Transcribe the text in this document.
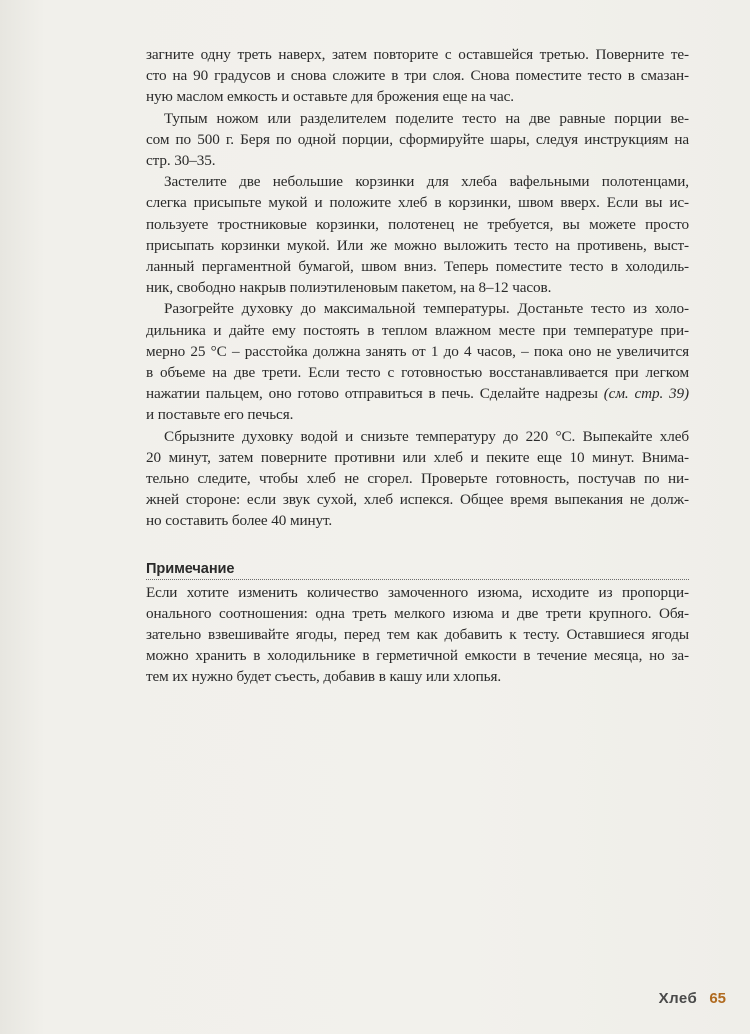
загните одну треть наверх, затем повторите с оставшейся третью. Поверните те-
сто на 90 градусов и снова сложите в три слоя. Снова поместите тесто в смазан-
ную маслом емкость и оставьте для брожения еще на час.

Тупым ножом или разделителем поделите тесто на две равные порции ве-
сом по 500 г. Беря по одной порции, сформируйте шары, следуя инструкциям на
стр. 30–35.

Застелите две небольшие корзинки для хлеба вафельными полотенцами,
слегка присыпьте мукой и положите хлеб в корзинки, швом вверх. Если вы ис-
пользуете тростниковые корзинки, полотенец не требуется, вы можете просто
присыпать корзинки мукой. Или же можно выложить тесто на противень, выст-
ланный пергаментной бумагой, швом вниз. Теперь поместите тесто в холодиль-
ник, свободно накрыв полиэтиленовым пакетом, на 8–12 часов.

Разогрейте духовку до максимальной температуры. Достаньте тесто из холо-
дильника и дайте ему постоять в теплом влажном месте при температуре при-
мерно 25 °C – расстойка должна занять от 1 до 4 часов, – пока оно не увеличится
в объеме на две трети. Если тесто с готовностью восстанавливается при легком
нажатии пальцем, оно готово отправиться в печь. Сделайте надрезы (см. стр. 39)
и поставьте его печься.

Сбрызните духовку водой и снизьте температуру до 220 °C. Выпекайте хлеб
20 минут, затем поверните противни или хлеб и пеките еще 10 минут. Внима-
тельно следите, чтобы хлеб не сгорел. Проверьте готовность, постучав по ни-
жней стороне: если звук сухой, хлеб испекся. Общее время выпекания не долж-
но составить более 40 минут.

Примечание

Если хотите изменить количество замоченного изюма, исходите из пропорци-
онального соотношения: одна треть мелкого изюма и две трети крупного. Обя-
зательно взвешивайте ягоды, перед тем как добавить к тесту. Оставшиеся ягоды
можно хранить в холодильнике в герметичной емкости в течение месяца, но за-
тем их нужно будет съесть, добавив в кашу или хлопья.

Хлеб 65
